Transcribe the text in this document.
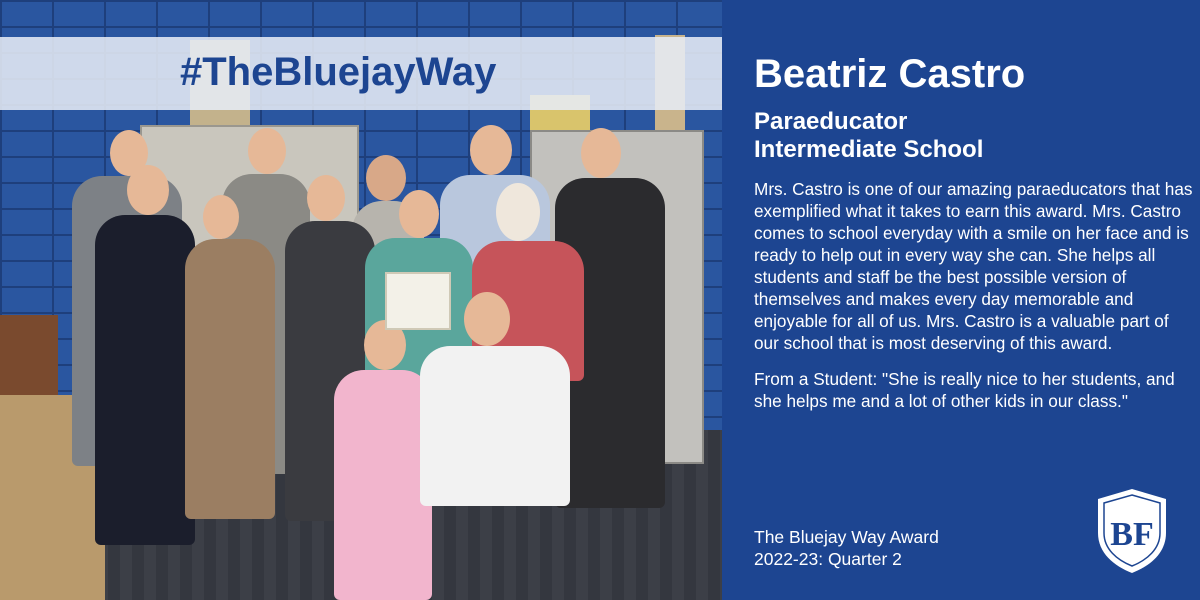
#TheBluejayWay	Beatriz Castro
Paraeducator
Intermediate School

Mrs. Castro is one of our amazing paraeducators that has exemplified what it takes to earn this award. Mrs. Castro comes to school everyday with a smile on her face and is ready to help out in every way she can. She helps all students and staff be the best possible version of themselves and makes every day memorable and enjoyable for all of us. Mrs. Castro is a valuable part of our school that is most deserving of this award.

From a Student: "She is really nice to her students, and she helps me and a lot of other kids in our class."

The Bluejay Way Award
2022-23: Quarter 2
BF
